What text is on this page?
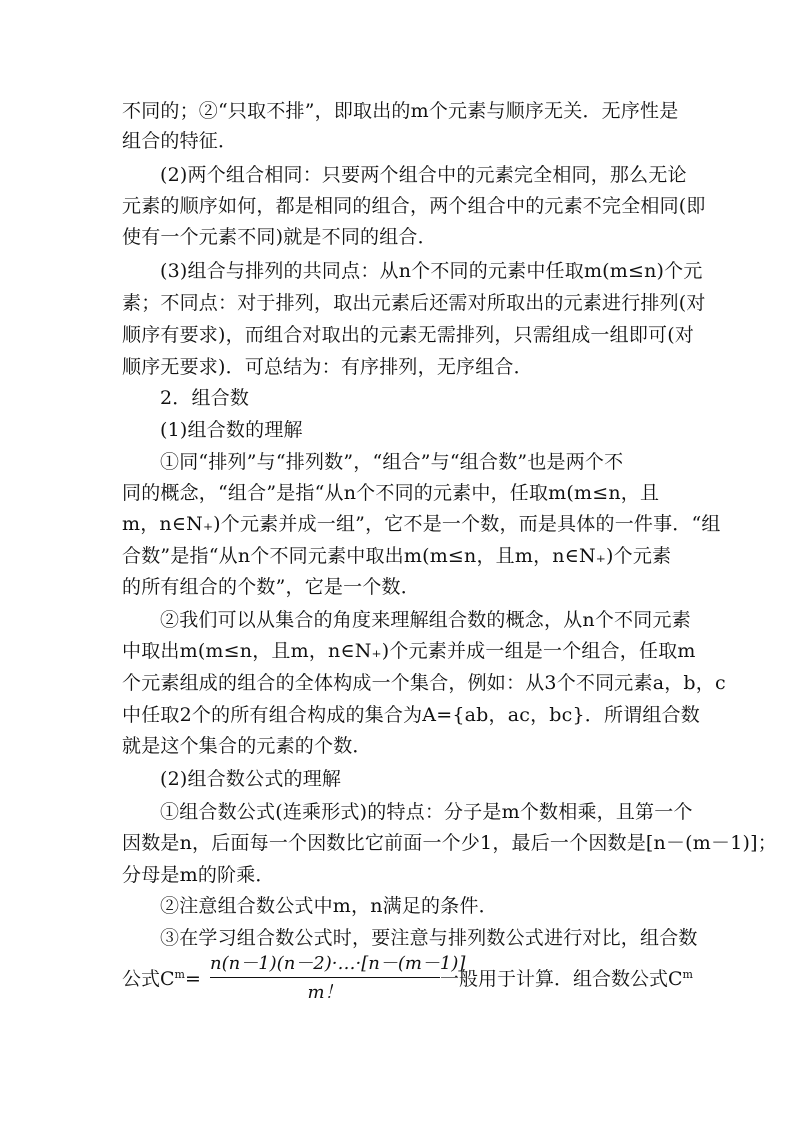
不同的；②“只取不排”，即取出的m个元素与顺序无关．无序性是
组合的特征．
(2)两个组合相同：只要两个组合中的元素完全相同，那么无论
元素的顺序如何，都是相同的组合，两个组合中的元素不完全相同(即
使有一个元素不同)就是不同的组合．
(3)组合与排列的共同点：从n个不同的元素中任取m(m≤n)个元
素；不同点：对于排列，取出元素后还需对所取出的元素进行排列(对
顺序有要求)，而组合对取出的元素无需排列，只需组成一组即可(对
顺序无要求)．可总结为：有序排列，无序组合．
2．组合数
(1)组合数的理解
①同“排列”与“排列数”，“组合”与“组合数”也是两个不
同的概念，“组合”是指“从n个不同的元素中，任取m(m≤n，且
m，n∈N₊)个元素并成一组”，它不是一个数，而是具体的一件事．“组
合数”是指“从n个不同元素中取出m(m≤n，且m，n∈N₊)个元素
的所有组合的个数”，它是一个数．
②我们可以从集合的角度来理解组合数的概念，从n个不同元素
中取出m(m≤n，且m，n∈N₊)个元素并成一组是一个组合，任取m
个元素组成的组合的全体构成一个集合，例如：从3个不同元素a，b，c
中任取2个的所有组合构成的集合为A={ab，ac，bc}．所谓组合数
就是这个集合的元素的个数．
(2)组合数公式的理解
①组合数公式(连乘形式)的特点：分子是m个数相乘，且第一个
因数是n，后面每一个因数比它前面一个少1，最后一个因数是[n－(m－1)]；
分母是m的阶乘．
②注意组合数公式中m，n满足的条件．
③在学习组合数公式时，要注意与排列数公式进行对比，组合数
公式$C^m=$
n(n－1)(n－2)·…·[n－(m－1)]
m！
一般用于计算．组合数公式$C^m$
